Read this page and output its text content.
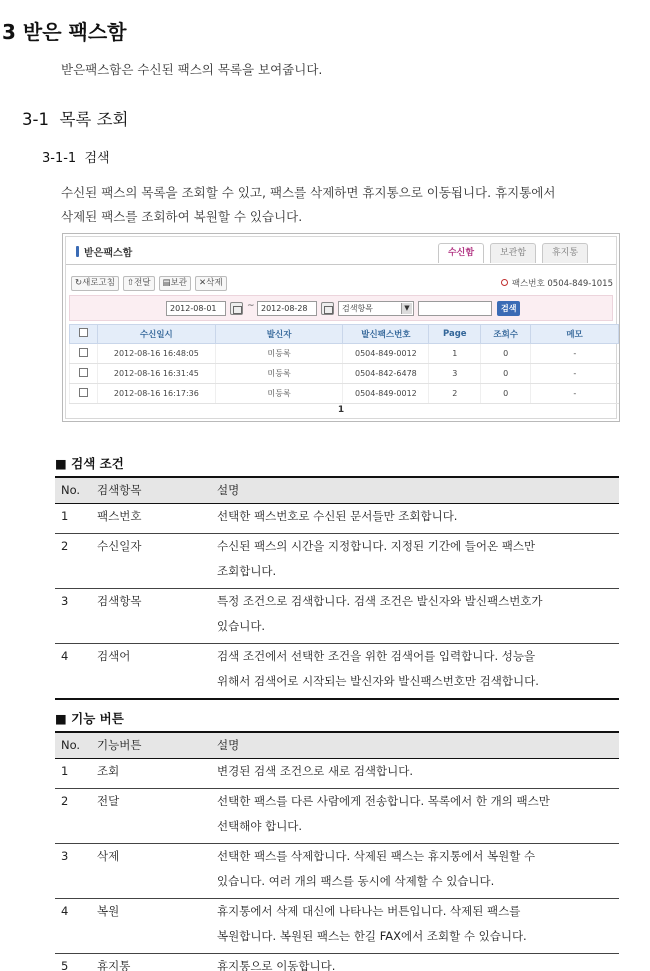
3 받은 팩스함
받은팩스함은 수신된 팩스의 목록을 보여줍니다.
3-1 목록 조회
3-1-1 검색
수신된 팩스의 목록을 조회할 수 있고, 팩스를 삭제하면 휴지통으로 이동됩니다. 휴지통에서
삭제된 팩스를 조회하여 복원할 수 있습니다.
받은팩스함	수신함	보관함	휴지통
↻새로고침	⇧전달	▤보관	✕삭제	팩스번호 0504-849-1015
2012-08-01	~ 2012-08-28	검색항목	▼	검색
	수신일시	발신자	발신팩스번호	Page	조회수	메모
	2012-08-16 16:48:05	미등록	0504-849-0012	1	0	-
	2012-08-16 16:31:45	미등록	0504-842-6478	3	0	-
	2012-08-16 16:17:36	미등록	0504-849-0012	2	0	-
1
■ 검색 조건
No.	검색항목	설명
1	팩스번호	선택한 팩스번호로 수신된 문서들만 조회합니다.

2	수신일자	수신된 팩스의 시간을 지정합니다. 지정된 기간에 들어온 팩스만
조회합니다.

3	검색항목	특정 조건으로 검색합니다. 검색 조건은 발신자와 발신팩스번호가
있습니다.

4	검색어	검색 조건에서 선택한 조건을 위한 검색어를 입력합니다. 성능을
위해서 검색어로 시작되는 발신자와 발신팩스번호만 검색합니다.
■ 기능 버튼
No.	기능버튼	설명
1	조회	변경된 검색 조건으로 새로 검색합니다.

2	전달	선택한 팩스를 다른 사람에게 전송합니다. 목록에서 한 개의 팩스만
선택해야 합니다.

3	삭제	선택한 팩스를 삭제합니다. 삭제된 팩스는 휴지통에서 복원할 수
있습니다. 여러 개의 팩스를 동시에 삭제할 수 있습니다.

4	복원	휴지통에서 삭제 대신에 나타나는 버튼입니다. 삭제된 팩스를
복원합니다. 복원된 팩스는 한길 FAX에서 조회할 수 있습니다.

5	휴지통	휴지통으로 이동합니다.
